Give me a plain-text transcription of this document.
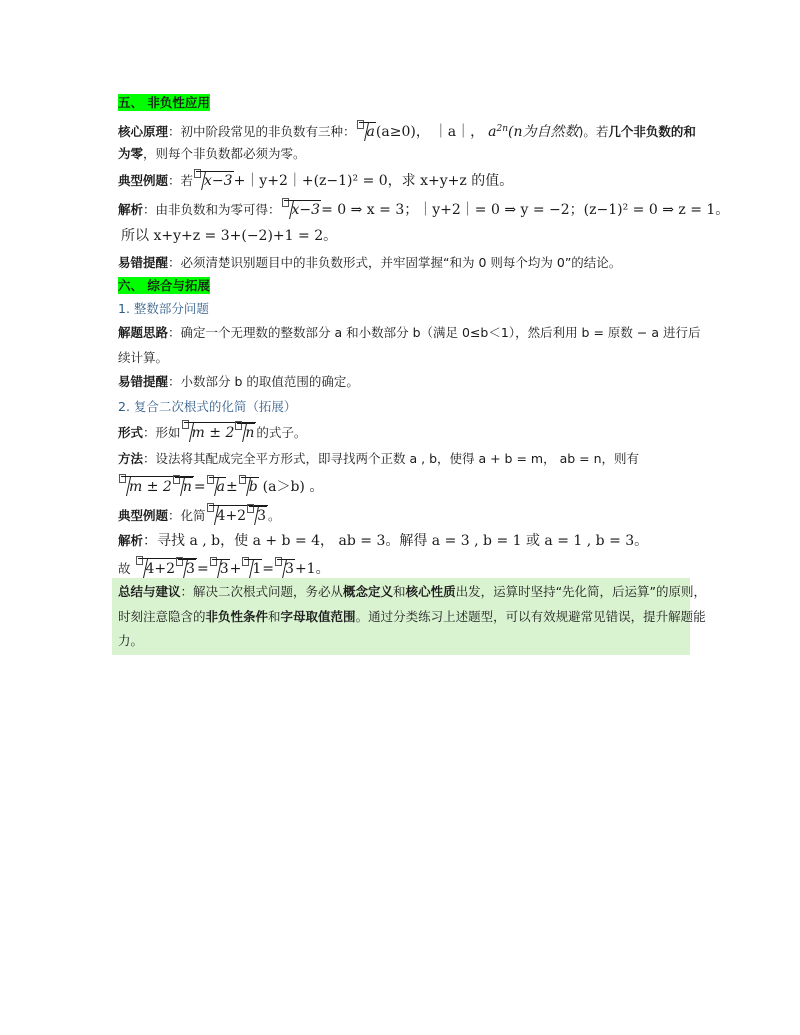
五、 非负性应用
核心原理：初中阶段常见的非负数有三种： a(a≥0)， ｜a｜， $a^{2n}(n$为自然数)。若几个非负数的和
为零，则每个非负数都必须为零。
典型例题：若 x−3+｜y+2｜+(z−1)² = 0，求 x+y+z 的值。
解析：由非负数和为零可得： x−3= 0 ⇒ x = 3；｜y+2｜= 0 ⇒ y = −2；(z−1)² = 0 ⇒ z = 1。
所以 x+y+z = 3+(−2)+1 = 2。
易错提醒：必须清楚识别题目中的非负数形式，并牢固掌握“和为 0 则每个均为 0”的结论。
六、 综合与拓展
1. 整数部分问题
解题思路：确定一个无理数的整数部分 a 和小数部分 b（满足 0≤b＜1），然后利用 b = 原数 − a 进行后
续计算。
易错提醒：小数部分 b 的取值范围的确定。
2. 复合二次根式的化简（拓展）
形式：形如 m ± 2 n 的式子。
方法：设法将其配成完全平方形式，即寻找两个正数 a , b，使得 a + b = m， ab = n，则有
m ± 2 n = a± b (a＞b) 。
典型例题：化简 4+2 3 。
解析：寻找 a , b，使 a + b = 4， ab = 3。解得 a = 3 , b = 1 或 a = 1 , b = 3。
故 4+2 3 = 3+ 1= 3+1。
总结与建议：解决二次根式问题，务必从概念定义和核心性质出发，运算时坚持“先化简，后运算”的原则，
时刻注意隐含的非负性条件和字母取值范围。通过分类练习上述题型，可以有效规避常见错误，提升解题能
力。
